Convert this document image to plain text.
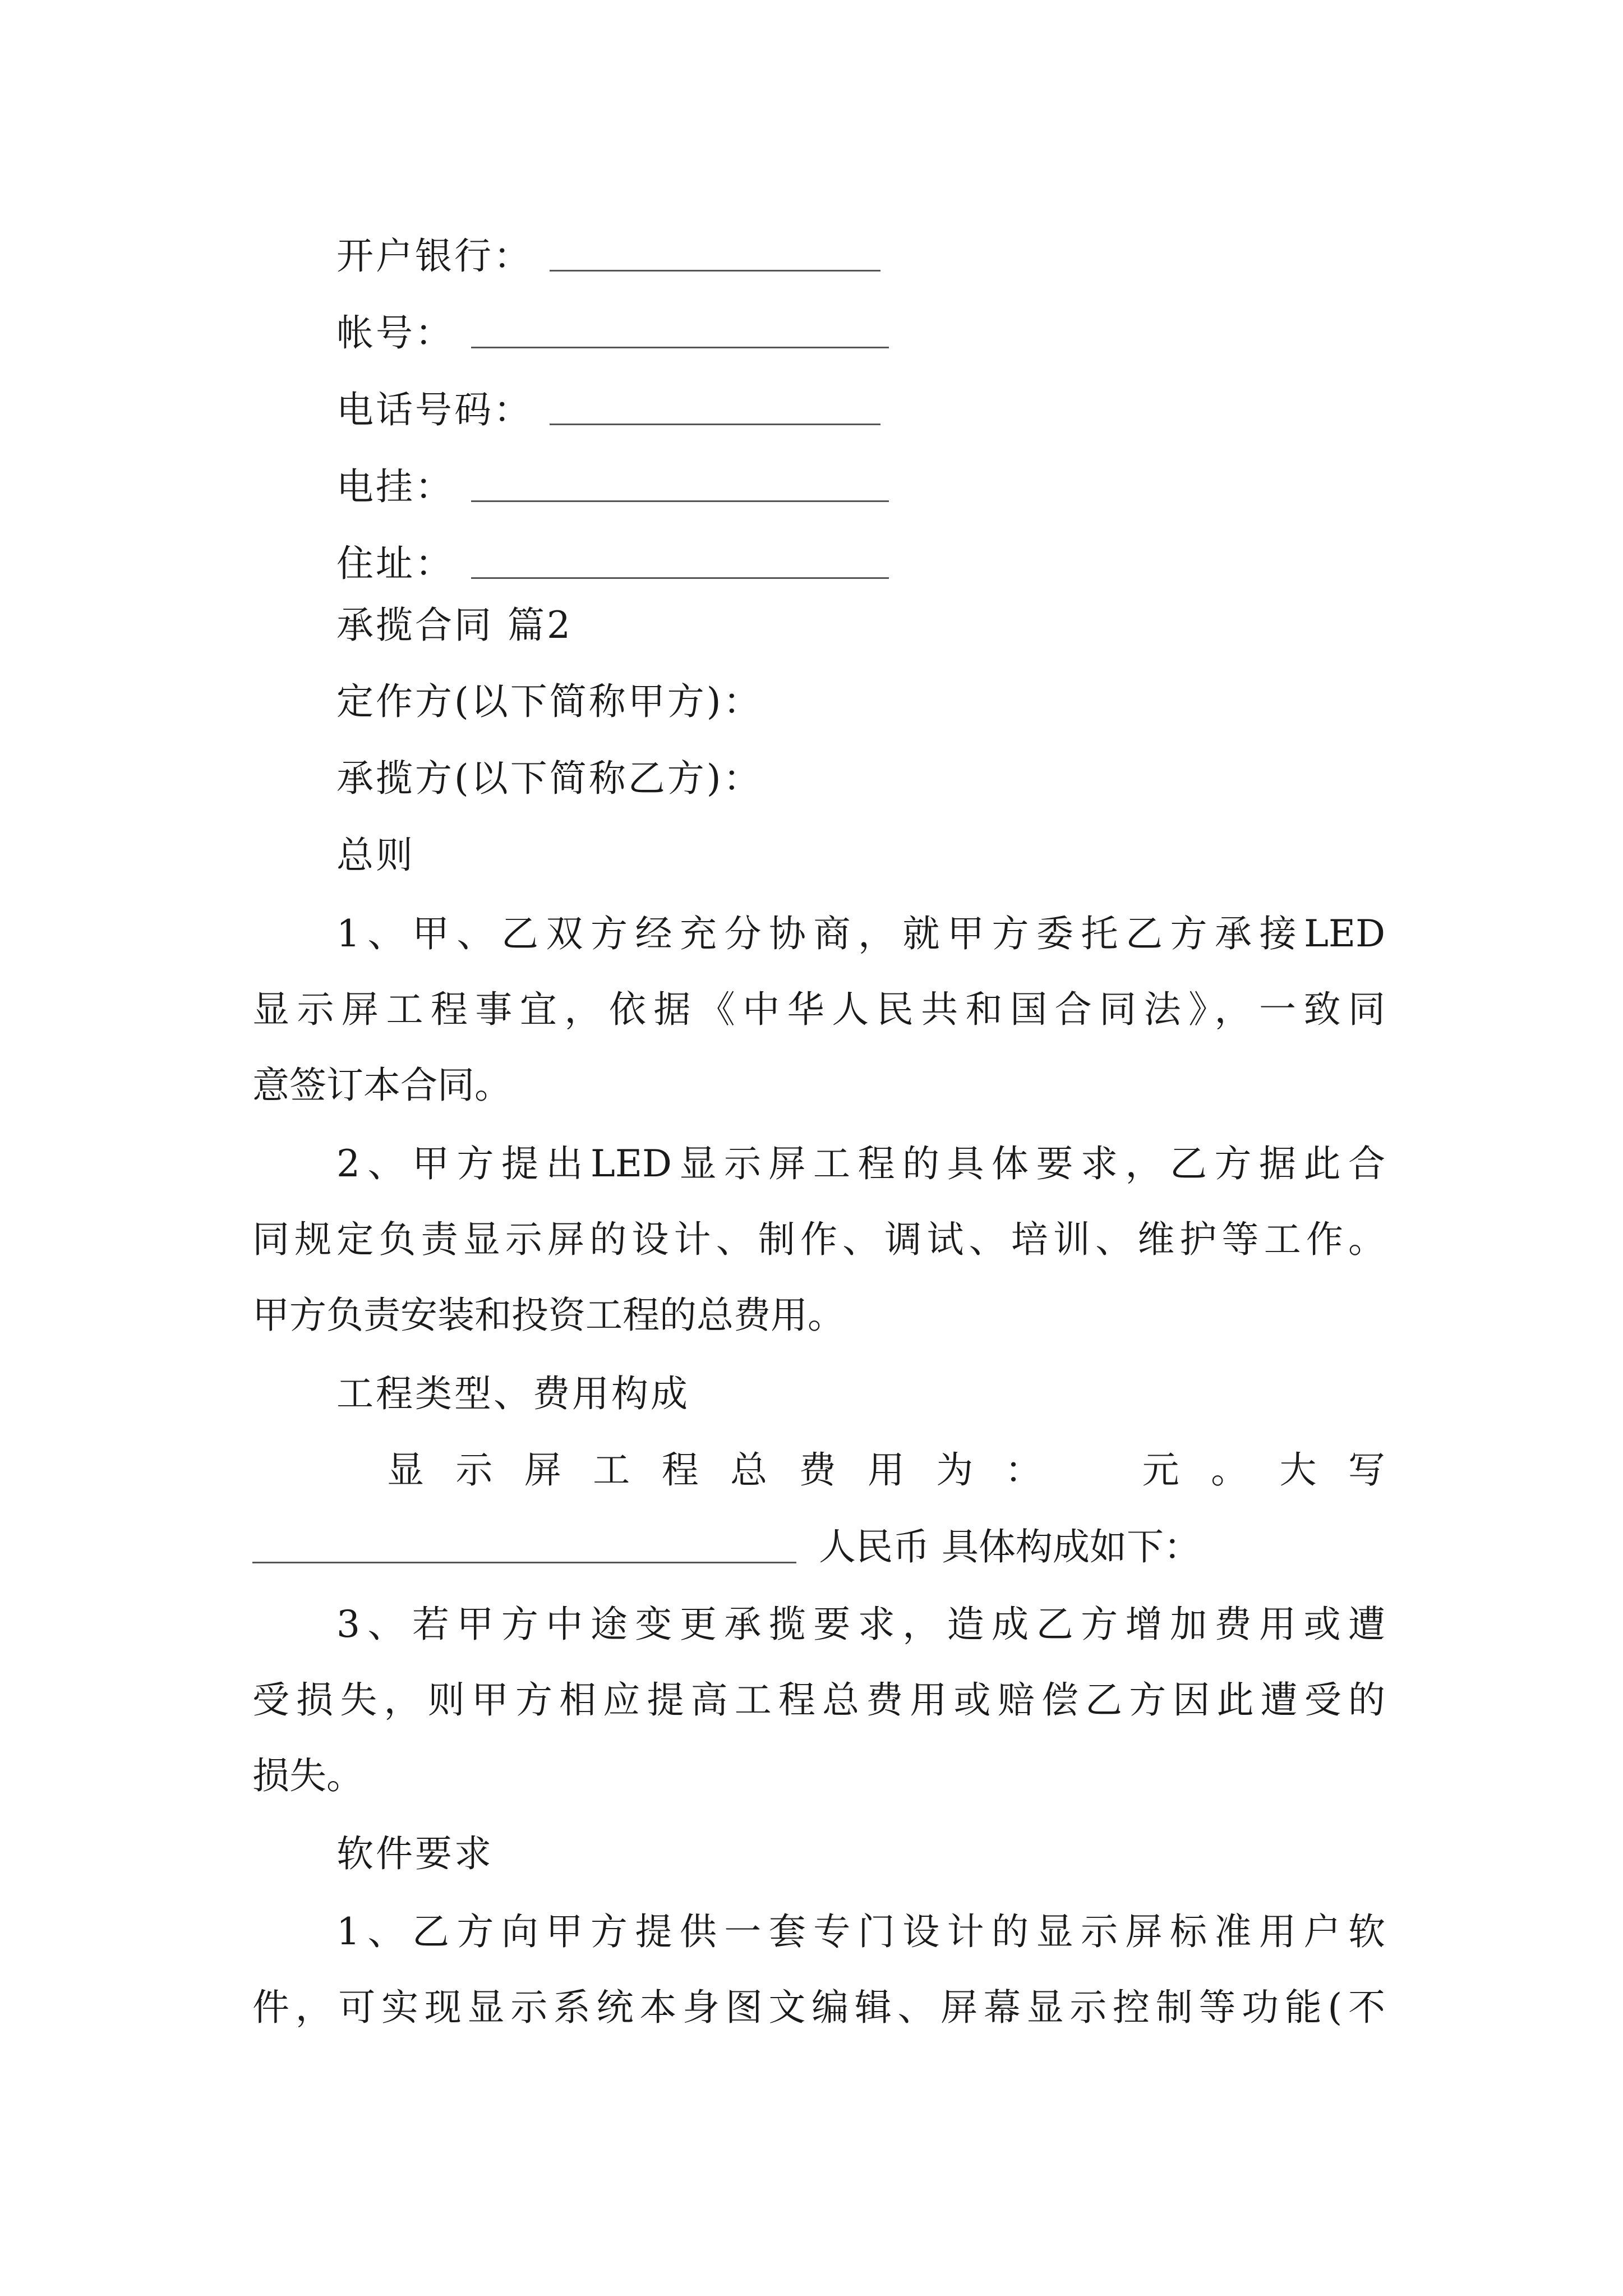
开户银行：
帐号：
电话号码：
电挂：
住址：
承揽合同 篇2
定作方(以下简称甲方)：
承揽方(以下简称乙方)：
总则
1、甲、乙双方经充分协商，就甲方委托乙方承接LED
显示屏工程事宜，依据《中华人民共和国合同法》，一致同
意签订本合同。
2、甲方提出LED显示屏工程的具体要求，乙方据此合
同规定负责显示屏的设计、制作、调试、培训、维护等工作。
甲方负责安装和投资工程的总费用。
工程类型、费用构成
显 示 屏 工 程 总 费 用 为 ：	元 。 大 写
人民币 具体构成如下：
3、若甲方中途变更承揽要求，造成乙方增加费用或遭
受损失，则甲方相应提高工程总费用或赔偿乙方因此遭受的
损失。
软件要求
1、乙方向甲方提供一套专门设计的显示屏标准用户软
件，可实现显示系统本身图文编辑、屏幕显示控制等功能(不
